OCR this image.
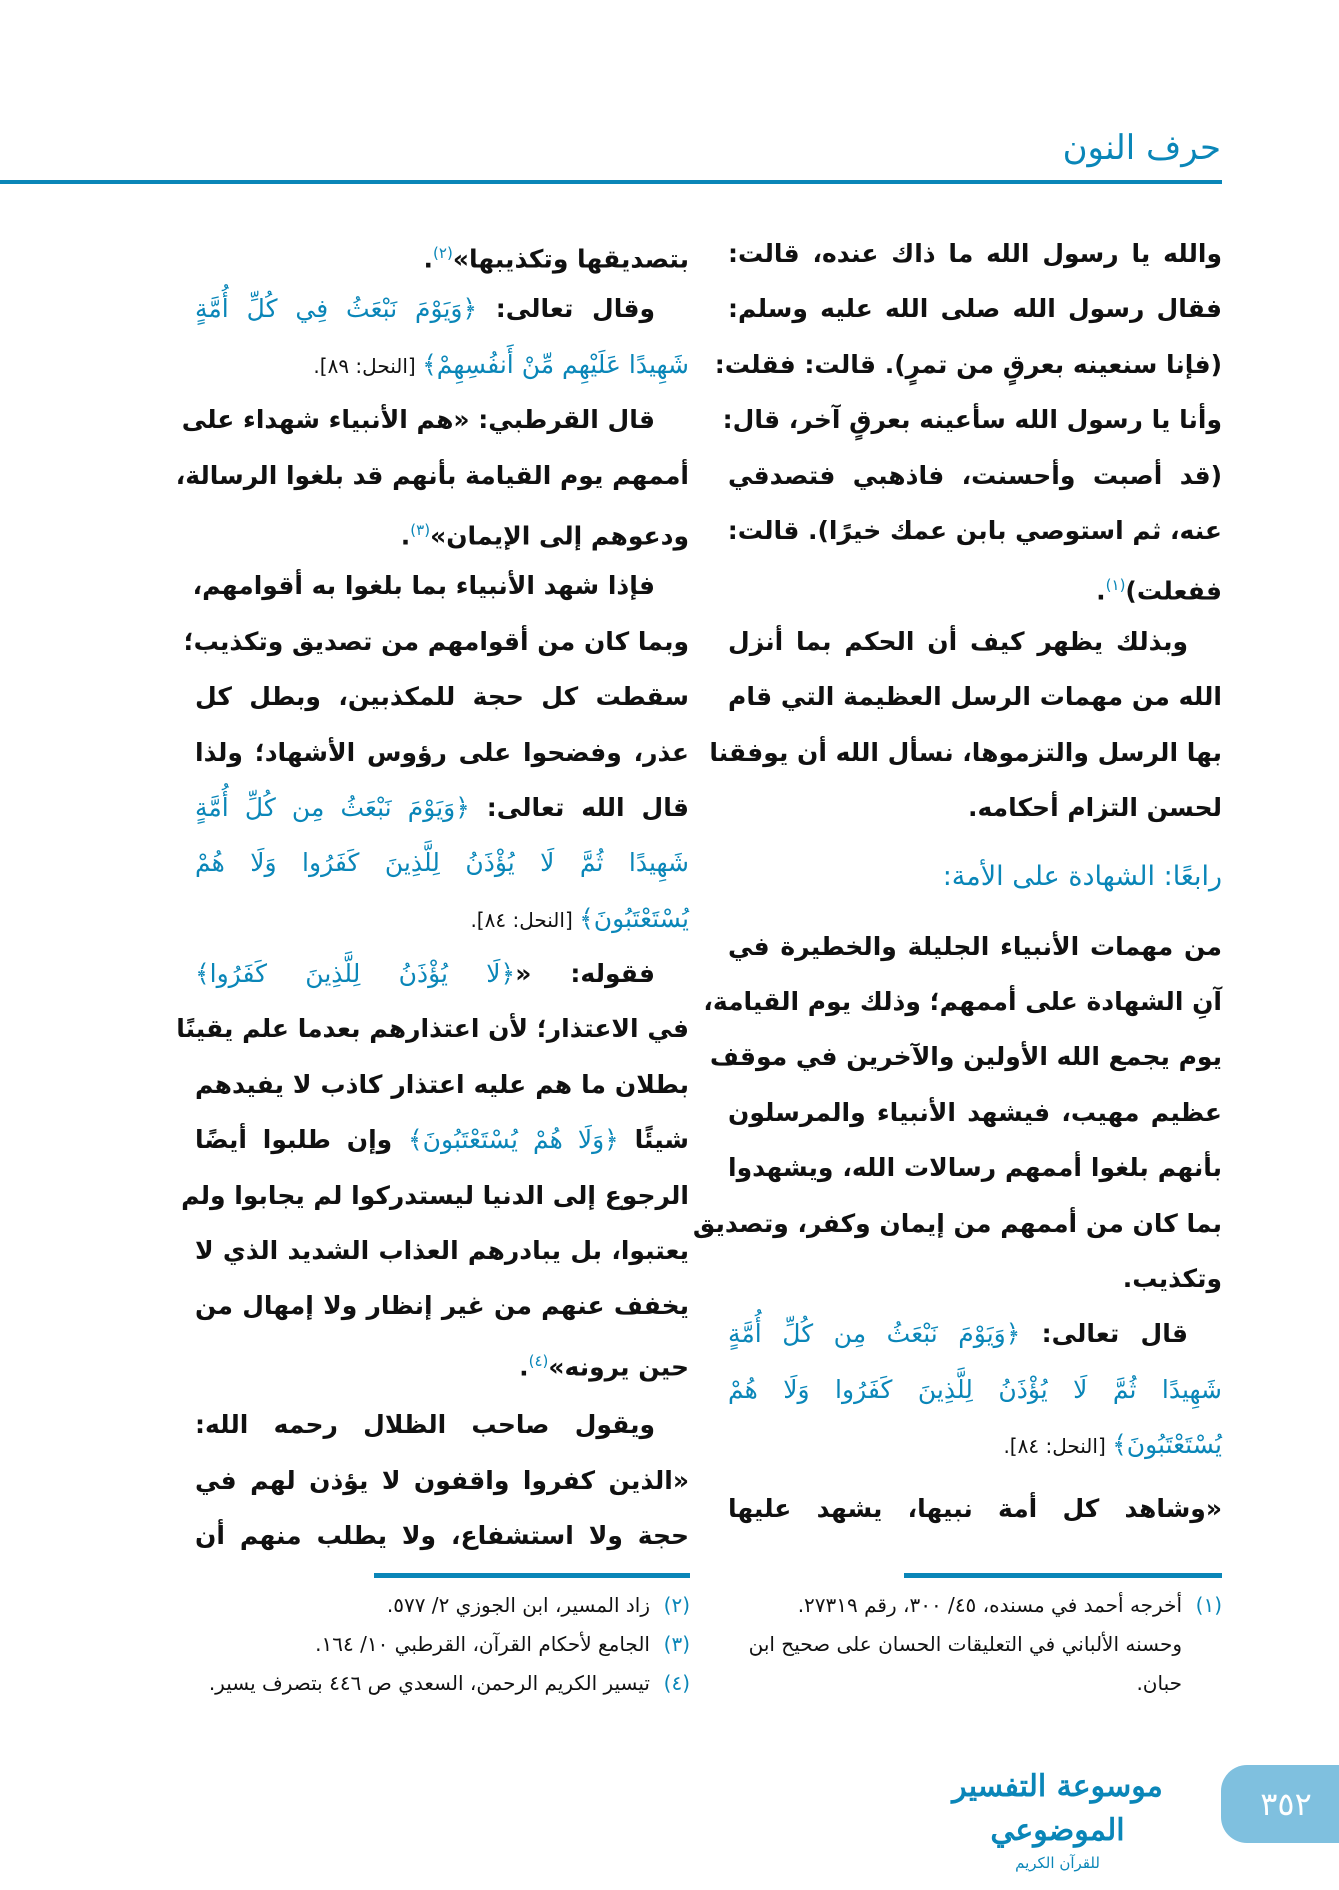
حرف النون
والله يا رسول الله ما ذاك عنده، قالت:
فقال رسول الله صلى الله عليه وسلم:
(فإنا سنعينه بعرقٍ من تمرٍ). قالت: فقلت:
وأنا يا رسول الله سأعينه بعرقٍ آخر، قال:
(قد أصبت وأحسنت، فاذهبي فتصدقي
عنه، ثم استوصي بابن عمك خيرًا). قالت:
ففعلت)$^{(١)}$.
وبذلك يظهر كيف أن الحكم بما أنزل
الله من مهمات الرسل العظيمة التي قام
بها الرسل والتزموها، نسأل الله أن يوفقنا
لحسن التزام أحكامه.
رابعًا: الشهادة على الأمة:
من مهمات الأنبياء الجليلة والخطيرة في
آنِ الشهادة على أممهم؛ وذلك يوم القيامة،
يوم يجمع الله الأولين والآخرين في موقف
عظيم مهيب، فيشهد الأنبياء والمرسلون
بأنهم بلغوا أممهم رسالات الله، ويشهدوا
بما كان من أممهم من إيمان وكفر، وتصديق
وتكذيب.
قال تعالى: ﴿وَيَوْمَ نَبْعَثُ مِن كُلِّ أُمَّةٍ
شَهِيدًا ثُمَّ لَا يُؤْذَنُ لِلَّذِينَ كَفَرُوا وَلَا هُمْ
يُسْتَعْتَبُونَ﴾ [النحل: ٨٤].
«وشاهد كل أمة نبيها، يشهد عليها
بتصديقها وتكذيبها»$^{(٢)}$.
وقال تعالى: ﴿وَيَوْمَ نَبْعَثُ فِي كُلِّ أُمَّةٍ
شَهِيدًا عَلَيْهِم مِّنْ أَنفُسِهِمْ﴾ [النحل: ٨٩].
قال القرطبي: «هم الأنبياء شهداء على
أممهم يوم القيامة بأنهم قد بلغوا الرسالة،
ودعوهم إلى الإيمان»$^{(٣)}$.
فإذا شهد الأنبياء بما بلغوا به أقوامهم،
وبما كان من أقوامهم من تصديق وتكذيب؛
سقطت كل حجة للمكذبين، وبطل كل
عذر، وفضحوا على رؤوس الأشهاد؛ ولذا
قال الله تعالى: ﴿وَيَوْمَ نَبْعَثُ مِن كُلِّ أُمَّةٍ
شَهِيدًا ثُمَّ لَا يُؤْذَنُ لِلَّذِينَ كَفَرُوا وَلَا هُمْ
يُسْتَعْتَبُونَ﴾ [النحل: ٨٤].
فقوله: «﴿لَا يُؤْذَنُ لِلَّذِينَ كَفَرُوا﴾
في الاعتذار؛ لأن اعتذارهم بعدما علم يقينًا
بطلان ما هم عليه اعتذار كاذب لا يفيدهم
شيئًا ﴿وَلَا هُمْ يُسْتَعْتَبُونَ﴾ وإن طلبوا أيضًا
الرجوع إلى الدنيا ليستدركوا لم يجابوا ولم
يعتبوا، بل يبادرهم العذاب الشديد الذي لا
يخفف عنهم من غير إنظار ولا إمهال من
حين يرونه»$^{(٤)}$.
ويقول صاحب الظلال رحمه الله:
«الذين كفروا واقفون لا يؤذن لهم في
حجة ولا استشفاع، ولا يطلب منهم أن
(١)
أخرجه أحمد في مسنده، ٤٥/ ٣٠٠، رقم ٢٧٣١٩.
وحسنه الألباني في التعليقات الحسان على صحيح ابن حبان.
(٢)
زاد المسير، ابن الجوزي ٢/ ٥٧٧.
(٣)
الجامع لأحكام القرآن، القرطبي ١٠/ ١٦٤.
(٤)
تيسير الكريم الرحمن، السعدي ص ٤٤٦ بتصرف يسير.
موسوعة التفسير الموضوعي
للقرآن الكريم
٣٥٢
